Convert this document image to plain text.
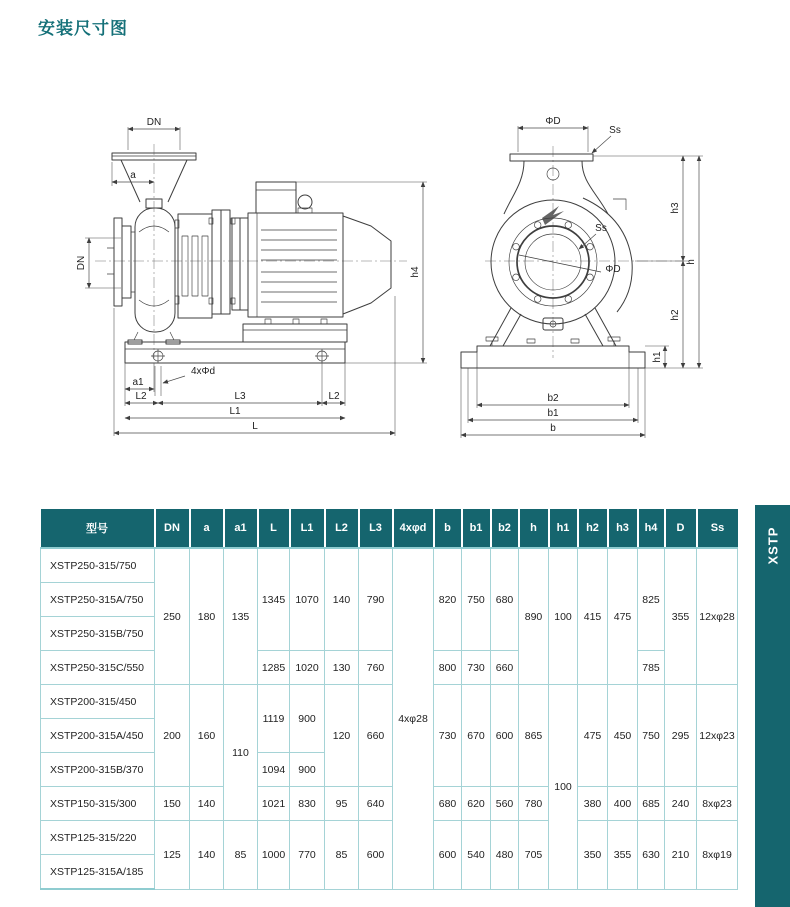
安装尺寸图
DN
a
DN
h4
4xΦd
a1
L2	L3	L2
L1
L
ΦD
Ss
Ss
ΦD
h1
h3
h2
h
b2
b1
b
型号	DN	a	a1	L	L1	L2	L3	4xφd	b	b1	b2	h	h1	h2	h3	h4	D	Ss
XSTP250-315/750	250	180	135	1345	1070	140	790	4xφ28	820	750	680	890	100	415	475	825	355	12xφ28
XSTP250-315A/750																		
XSTP250-315B/750																		
XSTP250-315C/550				1285	1020	130	760		800	730	660					785		
XSTP200-315/450	200	160	110	1119	900	120	660		730	670	600	865	100	475	450	750	295	12xφ23
XSTP200-315A/450																		
XSTP200-315B/370				1094	900													
XSTP150-315/300	150	140		1021	830	95	640		680	620	560	780		380	400	685	240	8xφ23
XSTP125-315/220	125	140	85	1000	770	85	600		600	540	480	705		350	355	630	210	8xφ19
XSTP125-315A/185																		
XSTP
